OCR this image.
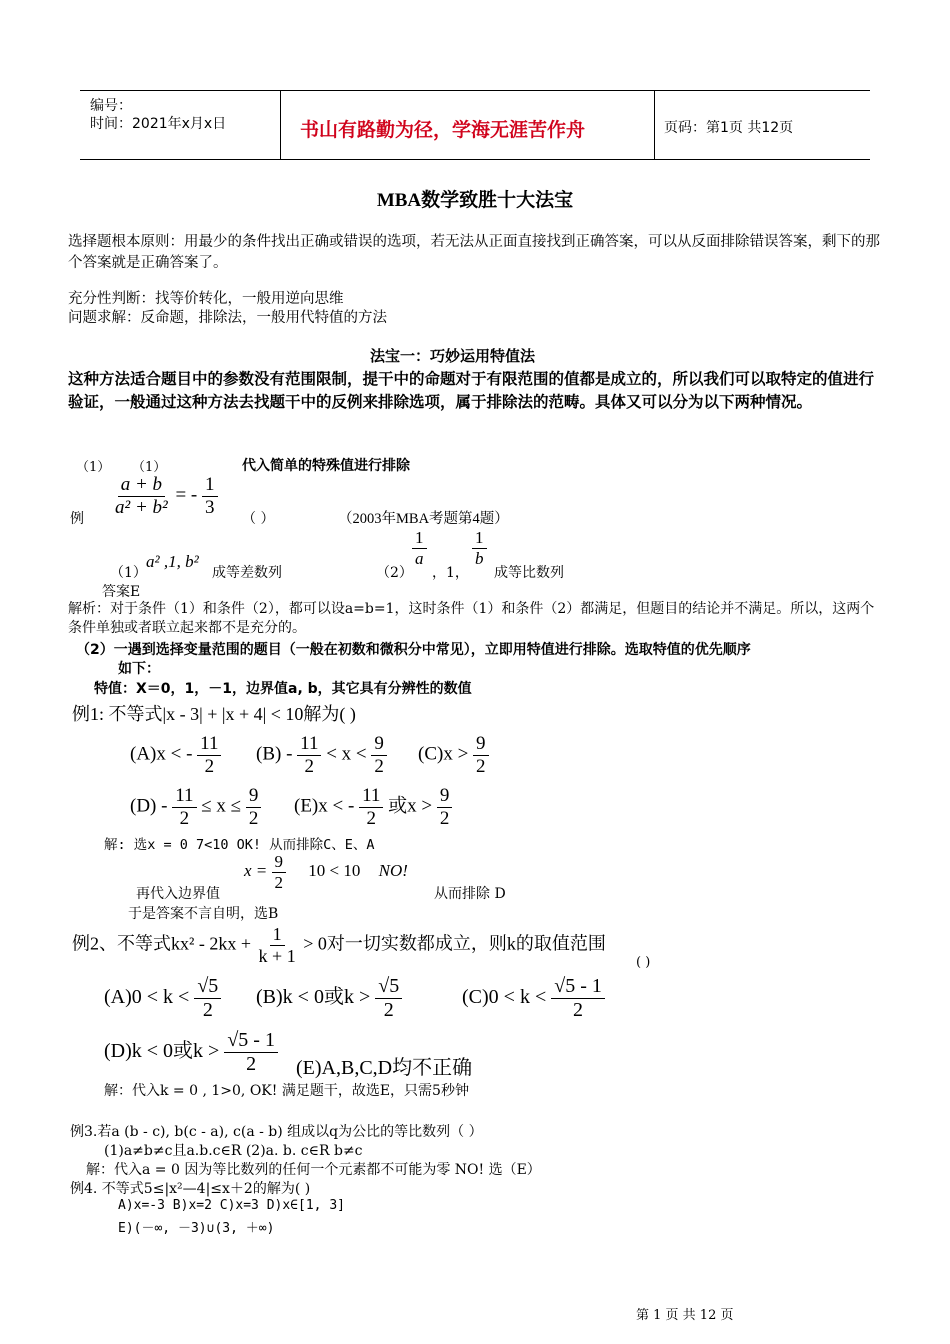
编号：
时间：2021年x月x日	书山有路勤为径，学海无涯苦作舟	页码：第1页 共12页
MBA数学致胜十大法宝
选择题根本原则：用最少的条件找出正确或错误的选项，若无法从正面直接找到正确答案，可以从反面排除错误答案，剩下的那个答案就是正确答案了。
充分性判断：找等价转化，一般用逆向思维
问题求解：反命题，排除法，一般用代特值的方法
法宝一：巧妙运用特值法
这种方法适合题目中的参数没有范围限制，提干中的命题对于有限范围的值都是成立的，所以我们可以取特定的值进行验证，一般通过这种方法去找题干中的反例来排除选项，属于排除法的范畴。具体又可以分为以下两种情况。
（1） （1）	代入简单的特殊值进行排除
例
$\frac{a + b}{\text{a² + b²}}$ = - $\frac{1}{3}$
（ ）	（2003年MBA考题第4题）
（1）
a² ,1, b²
成等差数列	（2）
$\frac{1}{a}$
，1，
$\frac{1}{b}$
成等比数列
答案E
解析：对于条件（1）和条件（2），都可以设a=b=1，这时条件（1）和条件（2）都满足，但题目的结论并不满足。所以，这两个条件单独或者联立起来都不是充分的。
（2）一遇到选择变量范围的题目（一般在初数和微积分中常见），立即用特值进行排除。选取特值的优先顺序
如下：
特值：X＝0，1，－1，边界值a, b，其它具有分辨性的数值
例1: 不等式|x - 3| + |x + 4| < 10解为( )
(A)x < - $\frac{11}{2} (B) - \frac{11}{2} < x < \frac{9}{2} (C)x > \frac{9}{2}$
$(D) - \frac{11}{2} \le x \le \frac{9}{2} (E)x$ < - $\frac{11}{2}$ 或$x > \frac{9}{2}$
解: 选x = 0 7<10 OK! 从而排除C、E、A
$x = \frac{9}{2} 10 < 10$ NO!
再代入边界值	从而排除 D
于是答案不言自明，选B
例2、不等式$kx^2 - 2kx + \frac{1}{k + 1} > 0$对一切实数都成立，则k的取值范围
( )
$(A)0 < k < \frac{√5}{2} (B)k < 0$或$k > \frac{√5}{2}$	$(C)0 < k < \frac{√5 - 1}{2}$
(D)k < 0或$k > \frac{√5 - 1}{2} (E)A,B,C,D$均不正确
解：代入k = 0 , 1>0, OK! 满足题干，故选E，只需5秒钟
例3.若a (b - c), b(c - a), c(a - b) 组成以q为公比的等比数列（ ）
(1)a≠b≠c且a.b.c∈R (2)a. b. c∈R b≠c
解：代入a = 0 因为等比数列的任何一个元素都不可能为零 NO! 选（E）
例4. 不等式5≤|x²—4|≤x＋2的解为( )
A)x=-3 B)x=2 C)x=3 D)x∈[1, 3]
E)(－∞, －3)∪(3, ＋∞)
第 1 页 共 12 页
